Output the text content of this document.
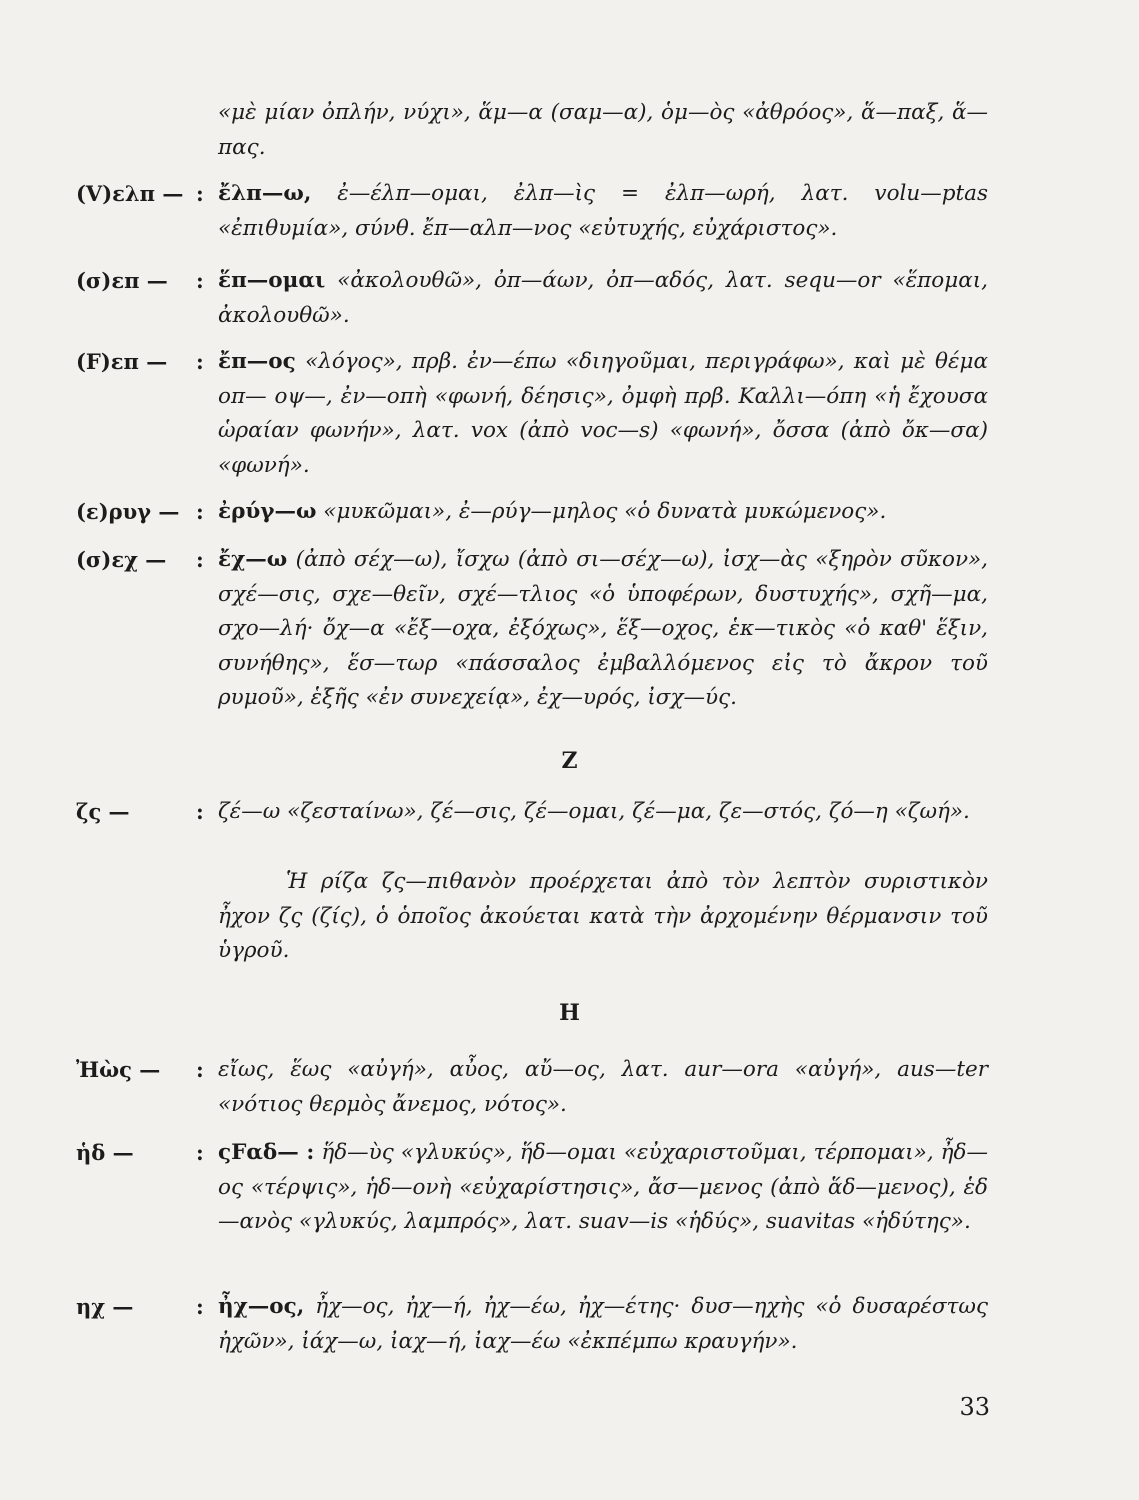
«μὲ μίαν ὀπλήν, νύχι», ἅμ—α (σαμ—α), ὁμ—ὸς «ἀθρόος», ἅ—παξ, ἅ—πας.
(V)ελπ — : ἔλπ—ω, ἐ—έλπ—ομαι, ἐλπ—ὶς = ἐλπ—ωρή, λατ. volu—ptas «ἐπιθυμία», σύνθ. ἔπ—αλπ—νος «εὐτυχής, εὐχάριστος».
(σ)επ —	: ἕπ—ομαι «ἀκολουθῶ», ὀπ—άων, ὀπ—αδός, λατ. sequ—or «ἕπομαι, ἀκολουθῶ».
(F)επ —	: ἔπ—ος «λόγος», πρβ. ἐν—έπω «διηγοῦμαι, περιγράφω», καὶ μὲ θέμα οπ— οψ—, ἐν—οπὴ «φωνή, δέησις», ὀμφὴ πρβ. Καλλι—όπη «ἡ ἔχουσα ὡραίαν φωνήν», λατ. vox (ἀπὸ voc—s) «φωνή», ὄσσα (ἀπὸ ὄκ—σα) «φωνή».
(ε)ρυγ — : ἐρύγ—ω «μυκῶμαι», ἐ—ρύγ—μηλος «ὁ δυνατὰ μυκώμενος».
(σ)εχ —	: ἔχ—ω (ἀπὸ σέχ—ω), ἴσχω (ἀπὸ σι—σέχ—ω), ἰσχ—ὰς «ξηρὸν σῦκον», σχέ—σις, σχε—θεῖν, σχέ—τλιος «ὁ ὑποφέρων, δυστυχής», σχῆ—μα, σχο—λή· ὄχ—α «ἔξ—οχα, ἐξόχως», ἕξ—οχος, ἑκ—τικὸς «ὁ καθ' ἕξιν, συνήθης», ἕσ—τωρ «πάσσαλος ἐμβαλλόμενος εἰς τὸ ἄκρον τοῦ ρυμοῦ», ἑξῆς «ἐν συνεχείᾳ», ἐχ—υρός, ἰσχ—ύς.
Ζ
ζς —	: ζέ—ω «ζεσταίνω», ζέ—σις, ζέ—ομαι, ζέ—μα, ζε—στός, ζό—η «ζωή».
Ἡ ρίζα ζς—πιθανὸν προέρχεται ἀπὸ τὸν λεπτὸν συριστικὸν ἦχον ζς (ζίς), ὁ ὁποῖος ἀκούεται κατὰ τὴν ἀρχομένην θέρμανσιν τοῦ ὑγροῦ.
Η
Ἠὼς —	: εἴως, ἕως «αὐγή», αὖος, αὔ—ος, λατ. aur—ora «αὐγή», aus—ter «νότιος θερμὸς ἄνεμος, νότος».
ἡδ —	: ςFαδ— : ἥδ—ὺς «γλυκύς», ἥδ—ομαι «εὐχαριστοῦμαι, τέρπομαι», ἦδ—ος «τέρψις», ἡδ—ονὴ «εὐχαρίστησις», ἄσ—μενος (ἀπὸ ἅδ—μενος), ἑδ—ανὸς «γλυκύς, λαμπρός», λατ. suav—is «ἡδύς», suavitas «ἡδύτης».
ηχ —	: ἦχ—ος, ἦχ—ος, ἠχ—ή, ἠχ—έω, ἠχ—έτης· δυσ—ηχὴς «ὁ δυσαρέστως ἠχῶν», ἰάχ—ω, ἰαχ—ή, ἰαχ—έω «ἐκπέμπω κραυγήν».
33
